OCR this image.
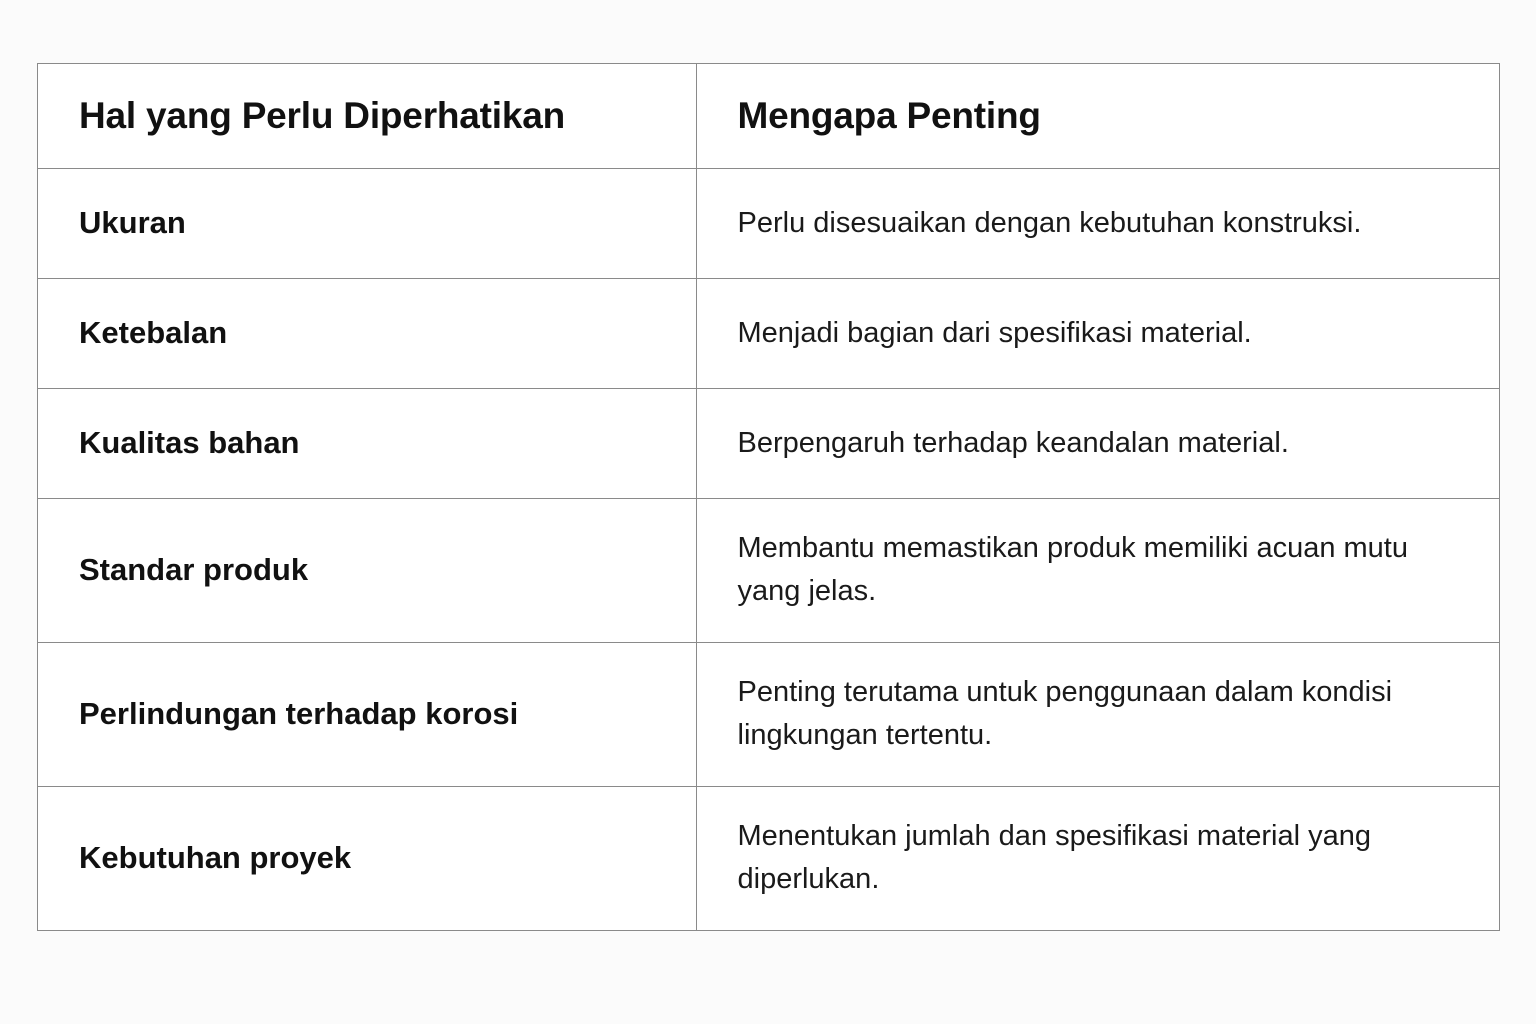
Hal yang Perlu Diperhatikan	Mengapa Penting

Ukuran	Perlu disesuaikan dengan kebutuhan konstruksi.

Ketebalan	Menjadi bagian dari spesifikasi material.

Kualitas bahan	Berpengaruh terhadap keandalan material.

Standar produk	Membantu memastikan produk memiliki acuan mutu yang jelas.

Perlindungan terhadap korosi	Penting terutama untuk penggunaan dalam kondisi lingkungan tertentu.

Kebutuhan proyek	Menentukan jumlah dan spesifikasi material yang diperlukan.
